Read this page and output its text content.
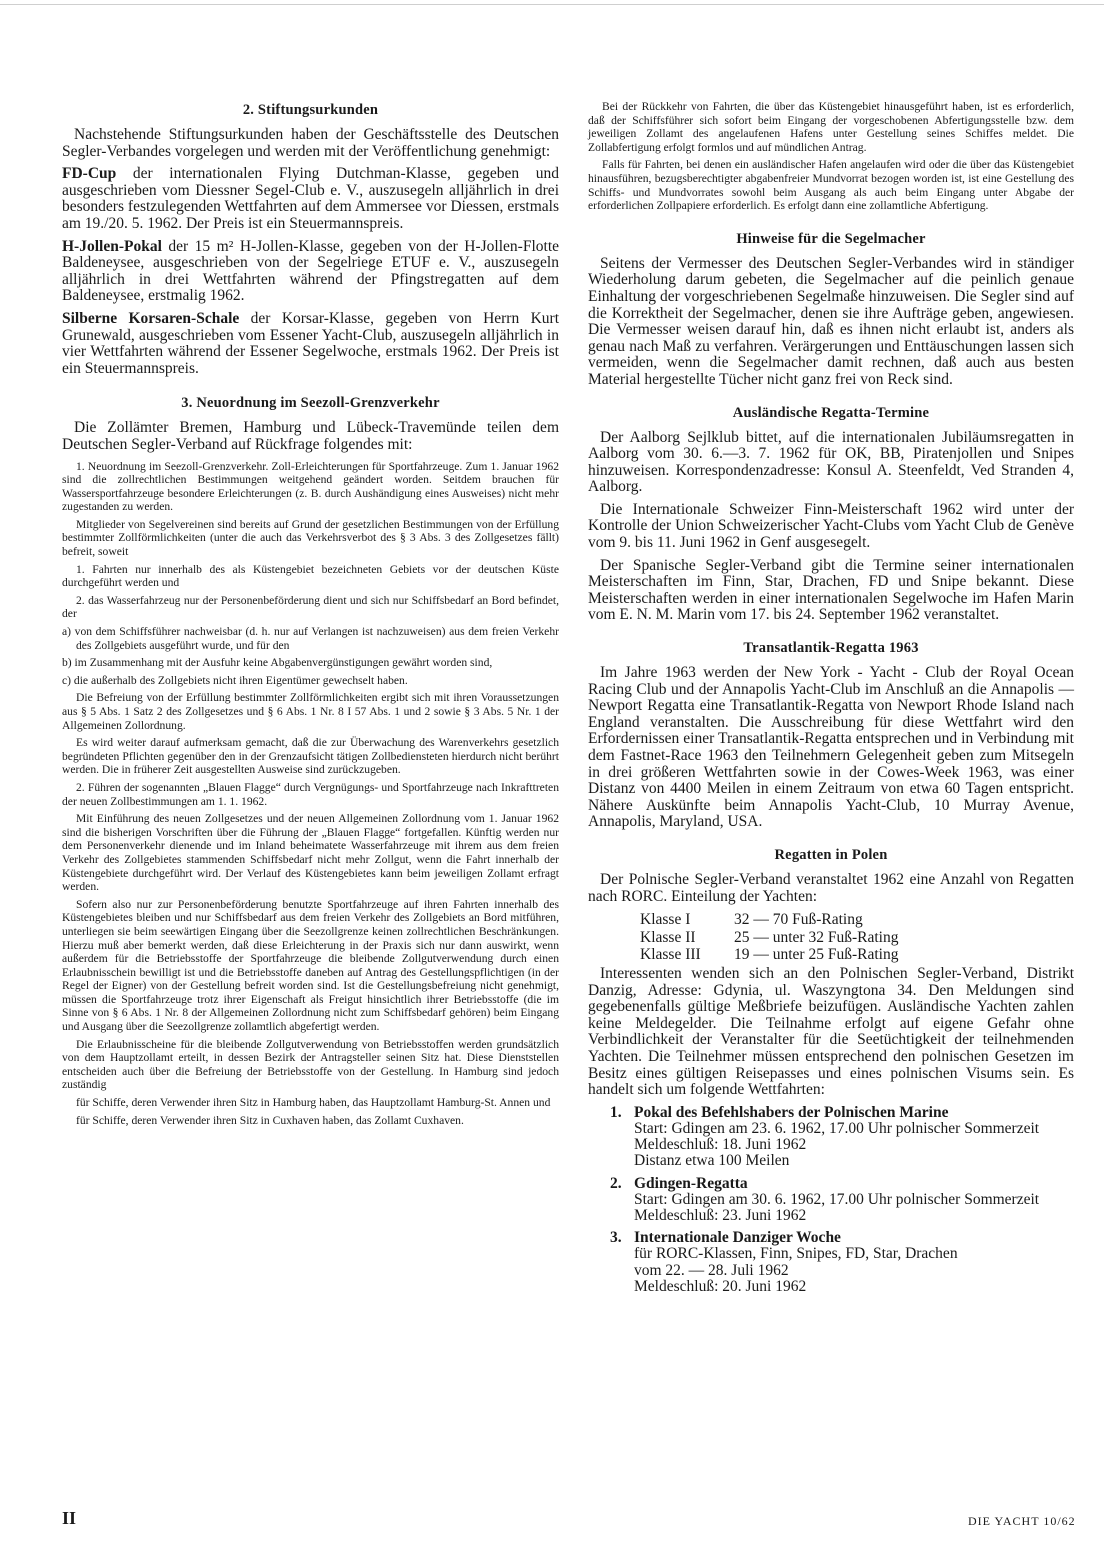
2. Stiftungsurkunden

Nachstehende Stiftungsurkunden haben der Geschäftsstelle des Deutschen Segler-Verbandes vorgelegen und werden mit der Veröffentlichung genehmigt:

FD-Cup der internationalen Flying Dutchman-Klasse, gegeben und ausgeschrieben vom Diessner Segel-Club e. V., auszusegeln alljährlich in drei besonders festzulegenden Wettfahrten auf dem Ammersee vor Diessen, erstmals am 19./20. 5. 1962. Der Preis ist ein Steuermannspreis.

H-Jollen-Pokal der 15 m² H-Jollen-Klasse, gegeben von der H-Jollen-Flotte Baldeneysee, ausgeschrieben von der Segelriege ETUF e. V., auszusegeln alljährlich in drei Wettfahrten während der Pfingstregatten auf dem Baldeneysee, erstmalig 1962.

Silberne Korsaren-Schale der Korsar-Klasse, gegeben von Herrn Kurt Grunewald, ausgeschrieben vom Essener Yacht-Club, auszusegeln alljährlich in vier Wettfahrten während der Essener Segelwoche, erstmals 1962. Der Preis ist ein Steuermannspreis.

3. Neuordnung im Seezoll-Grenzverkehr

Die Zollämter Bremen, Hamburg und Lübeck-Travemünde teilen dem Deutschen Segler-Verband auf Rückfrage folgendes mit:

1. Neuordnung im Seezoll-Grenzverkehr. Zoll-Erleichterungen für Sportfahrzeuge. Zum 1. Januar 1962 sind die zollrechtlichen Bestimmungen weitgehend geändert worden. Seitdem brauchen für Wassersportfahrzeuge besondere Erleichterungen (z. B. durch Aushändigung eines Ausweises) nicht mehr zugestanden zu werden.

Mitglieder von Segelvereinen sind bereits auf Grund der gesetzlichen Bestimmungen von der Erfüllung bestimmter Zollförmlichkeiten (unter die auch das Verkehrsverbot des § 3 Abs. 3 des Zollgesetzes fällt) befreit, soweit

1. Fahrten nur innerhalb des als Küstengebiet bezeichneten Gebiets vor der deutschen Küste durchgeführt werden und

2. das Wasserfahrzeug nur der Personenbeförderung dient und sich nur Schiffsbedarf an Bord befindet, der

a) von dem Schiffsführer nachweisbar (d. h. nur auf Verlangen ist nachzuweisen) aus dem freien Verkehr des Zollgebiets ausgeführt wurde, und für den

b) im Zusammenhang mit der Ausfuhr keine Abgabenvergünstigungen gewährt worden sind,

c) die außerhalb des Zollgebiets nicht ihren Eigentümer gewechselt haben.

Die Befreiung von der Erfüllung bestimmter Zollförmlichkeiten ergibt sich mit ihren Voraussetzungen aus § 5 Abs. 1 Satz 2 des Zollgesetzes und § 6 Abs. 1 Nr. 8 I 57 Abs. 1 und 2 sowie § 3 Abs. 5 Nr. 1 der Allgemeinen Zollordnung.

Es wird weiter darauf aufmerksam gemacht, daß die zur Überwachung des Warenverkehrs gesetzlich begründeten Pflichten gegenüber den in der Grenzaufsicht tätigen Zollbediensteten hierdurch nicht berührt werden. Die in früherer Zeit ausgestellten Ausweise sind zurückzugeben.

2. Führen der sogenannten „Blauen Flagge“ durch Vergnügungs- und Sportfahrzeuge nach Inkrafttreten der neuen Zollbestimmungen am 1. 1. 1962.

Mit Einführung des neuen Zollgesetzes und der neuen Allgemeinen Zollordnung vom 1. Januar 1962 sind die bisherigen Vorschriften über die Führung der „Blauen Flagge“ fortgefallen. Künftig werden nur dem Personenverkehr dienende und im Inland beheimatete Wasserfahrzeuge mit ihrem aus dem freien Verkehr des Zollgebietes stammenden Schiffsbedarf nicht mehr Zollgut, wenn die Fahrt innerhalb der Küstengebiete durchgeführt wird. Der Verlauf des Küstengebietes kann beim jeweiligen Zollamt erfragt werden.

Sofern also nur zur Personenbeförderung benutzte Sportfahrzeuge auf ihren Fahrten innerhalb des Küstengebietes bleiben und nur Schiffsbedarf aus dem freien Verkehr des Zollgebiets an Bord mitführen, unterliegen sie beim seewärtigen Eingang über die Seezollgrenze keinen zollrechtlichen Beschränkungen. Hierzu muß aber bemerkt werden, daß diese Erleichterung in der Praxis sich nur dann auswirkt, wenn außerdem für die Betriebsstoffe der Sportfahrzeuge die bleibende Zollgutverwendung durch einen Erlaubnisschein bewilligt ist und die Betriebsstoffe daneben auf Antrag des Gestellungspflichtigen (in der Regel der Eigner) von der Gestellung befreit worden sind. Ist die Gestellungsbefreiung nicht genehmigt, müssen die Sportfahrzeuge trotz ihrer Eigenschaft als Freigut hinsichtlich ihrer Betriebsstoffe (die im Sinne von § 6 Abs. 1 Nr. 8 der Allgemeinen Zollordnung nicht zum Schiffsbedarf gehören) beim Eingang und Ausgang über die Seezollgrenze zollamtlich abgefertigt werden.

Die Erlaubnisscheine für die bleibende Zollgutverwendung von Betriebsstoffen werden grundsätzlich von dem Hauptzollamt erteilt, in dessen Bezirk der Antragsteller seinen Sitz hat. Diese Dienststellen entscheiden auch über die Befreiung der Betriebsstoffe von der Gestellung. In Hamburg sind jedoch zuständig

für Schiffe, deren Verwender ihren Sitz in Hamburg haben, das Hauptzollamt Hamburg-St. Annen und

für Schiffe, deren Verwender ihren Sitz in Cuxhaven haben, das Zollamt Cuxhaven.

Bei der Rückkehr von Fahrten, die über das Küstengebiet hinausgeführt haben, ist es erforderlich, daß der Schiffsführer sich sofort beim Eingang der vorgeschobenen Abfertigungsstelle bzw. dem jeweiligen Zollamt des angelaufenen Hafens unter Gestellung seines Schiffes meldet. Die Zollabfertigung erfolgt formlos und auf mündlichen Antrag.

Falls für Fahrten, bei denen ein ausländischer Hafen angelaufen wird oder die über das Küstengebiet hinausführen, bezugsberechtigter abgabenfreier Mundvorrat bezogen worden ist, ist eine Gestellung des Schiffs- und Mundvorrates sowohl beim Ausgang als auch beim Eingang unter Abgabe der erforderlichen Zollpapiere erforderlich. Es erfolgt dann eine zollamtliche Abfertigung.

Hinweise für die Segelmacher

Seitens der Vermesser des Deutschen Segler-Verbandes wird in ständiger Wiederholung darum gebeten, die Segelmacher auf die peinlich genaue Einhaltung der vorgeschriebenen Segelmaße hinzuweisen. Die Segler sind auf die Korrektheit der Segelmacher, denen sie ihre Aufträge geben, angewiesen. Die Vermesser weisen darauf hin, daß es ihnen nicht erlaubt ist, anders als genau nach Maß zu verfahren. Verärgerungen und Enttäuschungen lassen sich vermeiden, wenn die Segelmacher damit rechnen, daß auch aus besten Material hergestellte Tücher nicht ganz frei von Reck sind.

Ausländische Regatta-Termine

Der Aalborg Sejlklub bittet, auf die internationalen Jubiläumsregatten in Aalborg vom 30. 6.—3. 7. 1962 für OK, BB, Piratenjollen und Snipes hinzuweisen. Korrespondenzadresse: Konsul A. Steenfeldt, Ved Stranden 4, Aalborg.

Die Internationale Schweizer Finn-Meisterschaft 1962 wird unter der Kontrolle der Union Schweizerischer Yacht-Clubs vom Yacht Club de Genève vom 9. bis 11. Juni 1962 in Genf ausgesegelt.

Der Spanische Segler-Verband gibt die Termine seiner internationalen Meisterschaften im Finn, Star, Drachen, FD und Snipe bekannt. Diese Meisterschaften werden in einer internationalen Segelwoche im Hafen Marin vom E. N. M. Marin vom 17. bis 24. September 1962 veranstaltet.

Transatlantik-Regatta 1963

Im Jahre 1963 werden der New York - Yacht - Club der Royal Ocean Racing Club und der Annapolis Yacht-Club im Anschluß an die Annapolis — Newport Regatta eine Transatlantik-Regatta von Newport Rhode Island nach England veranstalten. Die Ausschreibung für diese Wettfahrt wird den Erfordernissen einer Transatlantik-Regatta entsprechen und in Verbindung mit dem Fastnet-Race 1963 den Teilnehmern Gelegenheit geben zum Mitsegeln in drei größeren Wettfahrten sowie in der Cowes-Week 1963, was einer Distanz von 4400 Meilen in einem Zeitraum von etwa 60 Tagen entspricht. Nähere Auskünfte beim Annapolis Yacht-Club, 10 Murray Avenue, Annapolis, Maryland, USA.

Regatten in Polen

Der Polnische Segler-Verband veranstaltet 1962 eine Anzahl von Regatten nach RORC. Einteilung der Yachten:

Klasse I	32 — 70 Fuß-Rating
Klasse II 25 — unter 32 Fuß-Rating
Klasse III 19 — unter 25 Fuß-Rating

Interessenten wenden sich an den Polnischen Segler-Verband, Distrikt Danzig, Adresse: Gdynia, ul. Waszyngtona 34. Den Meldungen sind gegebenenfalls gültige Meßbriefe beizufügen. Ausländische Yachten zahlen keine Meldegelder. Die Teilnahme erfolgt auf eigene Gefahr ohne Verbindlichkeit der Veranstalter für die Seetüchtigkeit der teilnehmenden Yachten. Die Teilnehmer müssen entsprechend den polnischen Gesetzen im Besitz eines gültigen Reisepasses und eines polnischen Visums sein. Es handelt sich um folgende Wettfahrten:

1. Pokal des Befehlshabers der Polnischen Marine
Start: Gdingen am 23. 6. 1962, 17.00 Uhr polnischer Sommerzeit
Meldeschluß: 18. Juni 1962
Distanz etwa 100 Meilen
2. Gdingen-Regatta
Start: Gdingen am 30. 6. 1962, 17.00 Uhr polnischer Sommerzeit
Meldeschluß: 23. Juni 1962
3. Internationale Danziger Woche
für RORC-Klassen, Finn, Snipes, FD, Star, Drachen
vom 22. — 28. Juli 1962
Meldeschluß: 20. Juni 1962
II	DIE YACHT 10/62
